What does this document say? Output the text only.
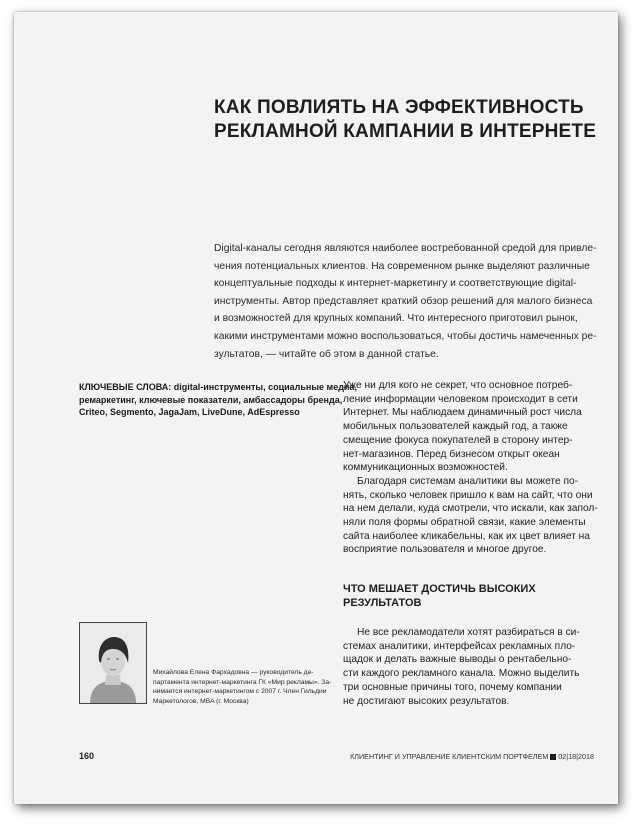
КАК ПОВЛИЯТЬ НА ЭФФЕКТИВНОСТЬ
РЕКЛАМНОЙ КАМПАНИИ В ИНТЕРНЕТЕ
Digital-каналы сегодня являются наиболее востребованной средой для привле-
чения потенциальных клиентов. На современном рынке выделяют различные
концептуальные подходы к интернет-маркетингу и соответствующие digital-
инструменты. Автор представляет краткий обзор решений для малого бизнеса
и возможностей для крупных компаний. Что интересного приготовил рынок,
какими инструментами можно воспользоваться, чтобы достичь намеченных ре-
зультатов, — читайте об этом в данной статье.
КЛЮЧЕВЫЕ СЛОВА: digital-инструменты, социальные медиа,
ремаркетинг, ключевые показатели, амбассадоры бренда,
Criteo, Segmento, JagaJam, LiveDune, AdEspresso
Уже ни для кого не секрет, что основное потреб-
ление информации человеком происходит в сети
Интернет. Мы наблюдаем динамичный рост числа
мобильных пользователей каждый год, а также
смещение фокуса покупателей в сторону интер-
нет-магазинов. Перед бизнесом открыт океан
коммуникационных возможностей.
Благодаря системам аналитики вы можете по-
нять, сколько человек пришло к вам на сайт, что они
на нем делали, куда смотрели, что искали, как запол-
няли поля формы обратной связи, какие элементы
сайта наиболее кликабельны, как их цвет влияет на
восприятие пользователя и многое другое.
ЧТО МЕШАЕТ ДОСТИЧЬ ВЫСОКИХ
РЕЗУЛЬТАТОВ
Не все рекламодатели хотят разбираться в си-
стемах аналитики, интерфейсах рекламных пло-
щадок и делать важные выводы о рентабельно-
сти каждого рекламного канала. Можно выделить
три основные причины того, почему компании
не достигают высоких результатов.
Михайлова Елена Фархадовна — руководитель де-
партамента интернет-маркетинга ГК «Мир рекламы». За-
нимается интернет-маркетингом с 2007 г. Член Гильдии
Маркетологов, MBA (г. Москва)
160	КЛИЕНТИНГ И УПРАВЛЕНИЕ КЛИЕНТСКИМ ПОРТФЕЛЕМ 02|18|2018
